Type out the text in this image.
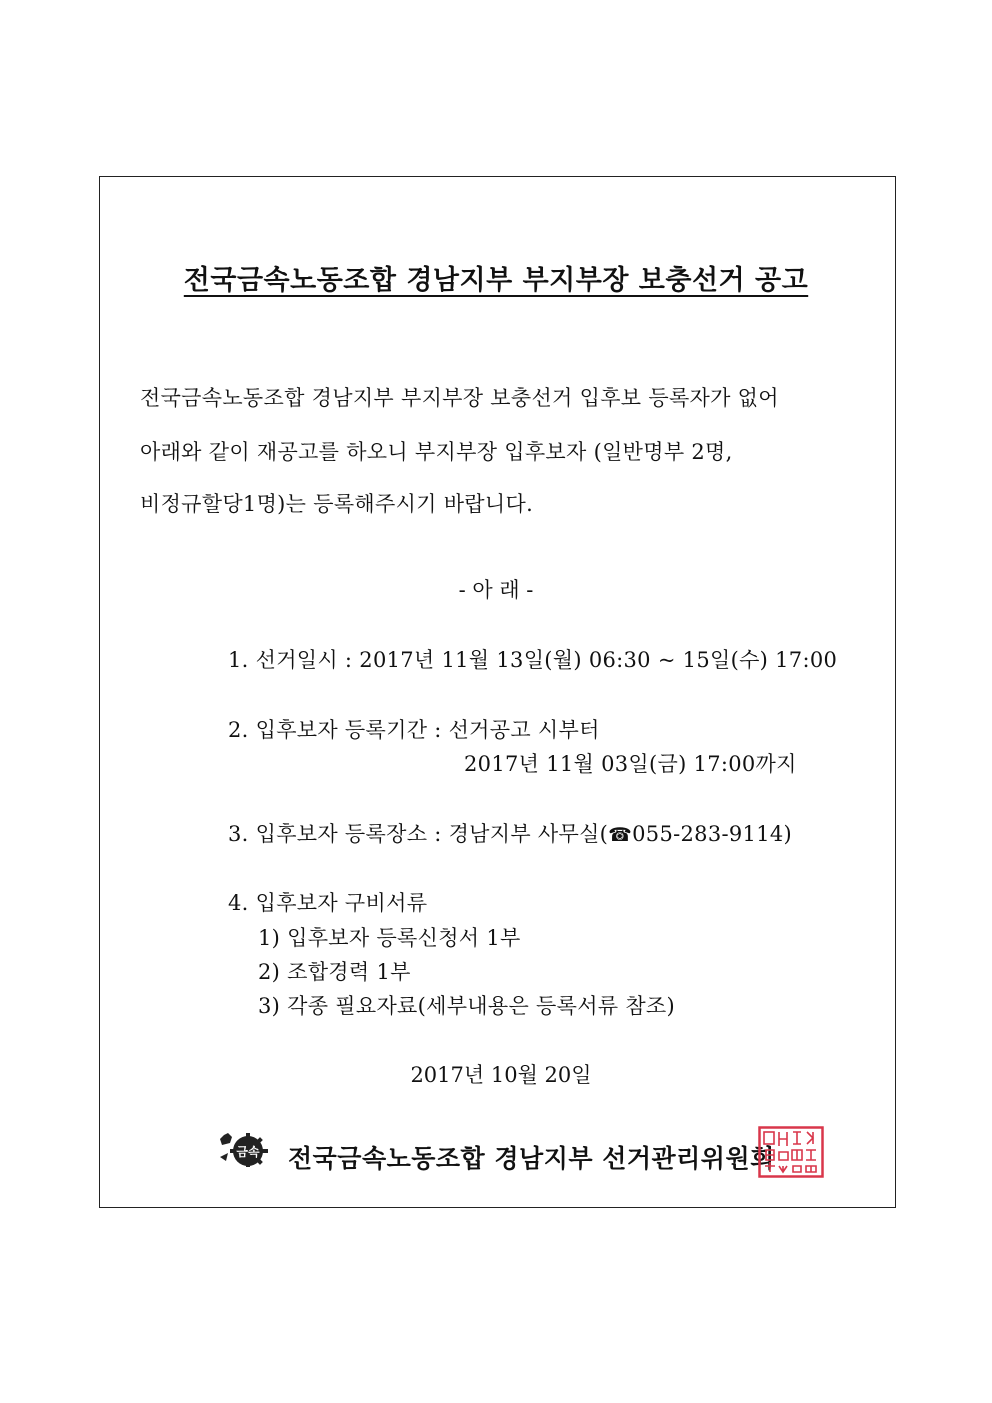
전국금속노동조합 경남지부 부지부장 보충선거 공고
전국금속노동조합 경남지부 부지부장 보충선거 입후보 등록자가 없어
아래와 같이 재공고를 하오니 부지부장 입후보자 (일반명부 2명,
비정규할당1명)는 등록해주시기 바랍니다.
- 아 래 -
1. 선거일시 : 2017년 11월 13일(월) 06:30 ~ 15일(수) 17:00
2. 입후보자 등록기간 : 선거공고 시부터
2017년 11월 03일(금) 17:00까지
3. 입후보자 등록장소 : 경남지부 사무실(☎055-283-9114)
4. 입후보자 구비서류
1) 입후보자 등록신청서 1부
2) 조합경력 1부
3) 각종 필요자료(세부내용은 등록서류 참조)
2017년 10월 20일
금속 전국금속노동조합 경남지부 선거관리위원회
